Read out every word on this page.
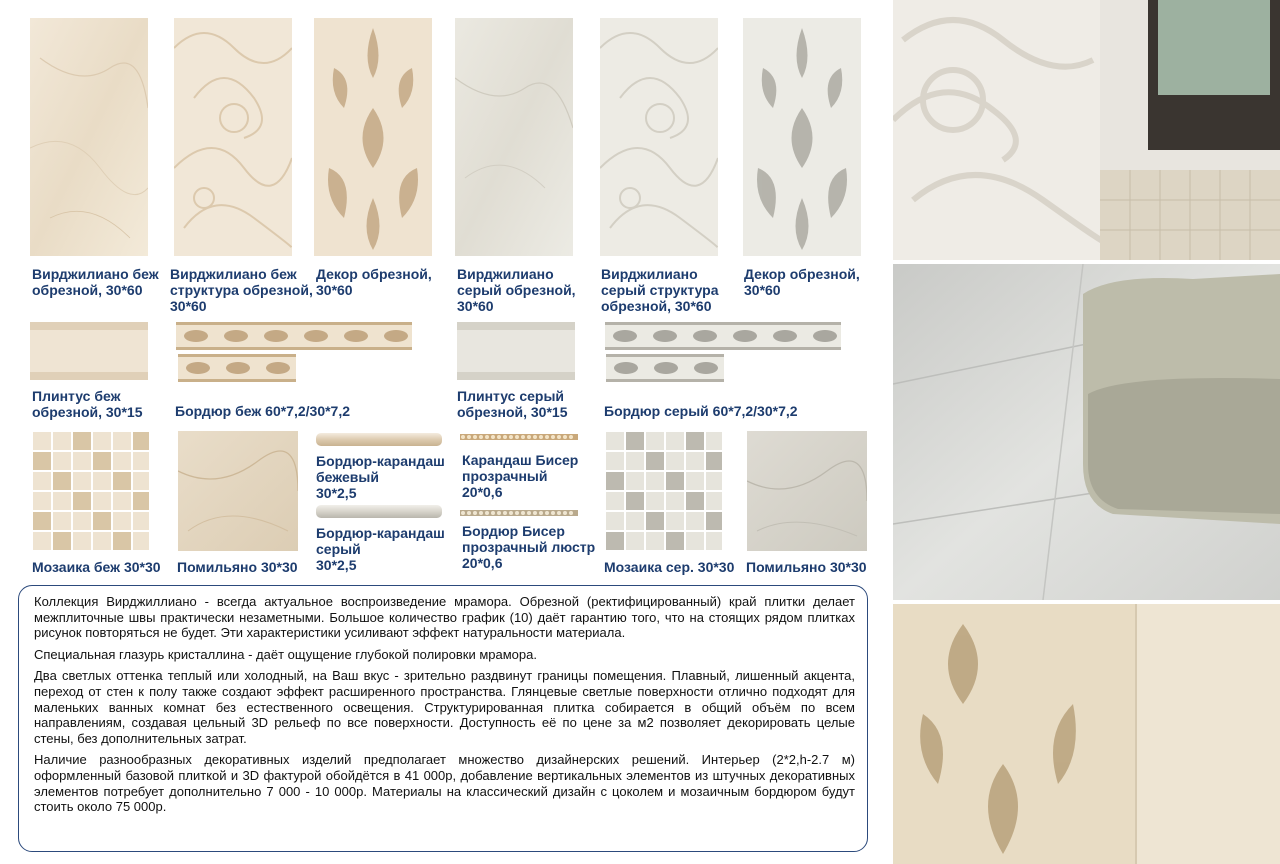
Вирджилиано беж
обрезной, 30*60
Вирджилиано беж
структура обрезной,
30*60
Декор обрезной,
30*60
Вирджилиано
серый обрезной,
30*60
Вирджилиано
серый структура
обрезной, 30*60
Декор обрезной,
30*60
Плинтус беж
обрезной, 30*15 Бордюр беж 60*7,2/30*7,2
Плинтус серый
обрезной, 30*15	Бордюр серый 60*7,2/30*7,2
Мозаика беж 30*30 Помильяно 30*30
Бордюр-карандаш
бежевый
30*2,5
Бордюр-карандаш
серый
30*2,5
Карандаш Бисер
прозрачный
20*0,6
Бордюр Бисер
прозрачный люстр
20*0,6	Мозаика сер. 30*30 Помильяно 30*30

Коллекция Вирджиллиано - всегда актуальное воспроизведение мрамора. Обрезной (ректифицированный) край плитки делает межплиточные швы практически незаметными. Большое количество график (10) даёт гарантию того, что на стоящих рядом плитках рисунок повторяться не будет. Эти характеристики усиливают эффект натуральности материала.

Специальная глазурь кристаллина - даёт ощущение глубокой полировки мрамора.

Два светлых оттенка теплый или холодный, на Ваш вкус - зрительно раздвинут границы помещения. Плавный, лишенный акцента, переход от стен к полу также создают эффект расширенного пространства. Глянцевые светлые поверхности отлично подходят для маленьких ванных комнат без естественного освещения. Структурированная плитка собирается в общий объём по всем направлениям, создавая цельный 3D рельеф по все поверхности. Доступность её по цене за м2 позволяет декорировать целые стены, без дополнительных затрат.

Наличие разнообразных декоративных изделий предполагает множество дизайнерских решений. Интерьер (2*2,h-2.7 м) оформленный базовой плиткой и 3D фактурой обойдётся в 41 000р, добавление вертикальных элементов из штучных декоративных элементов потребует дополнительно 7 000 - 10 000р. Материалы на классический дизайн с цоколем и мозаичным бордюром будут стоить около 75 000р.
